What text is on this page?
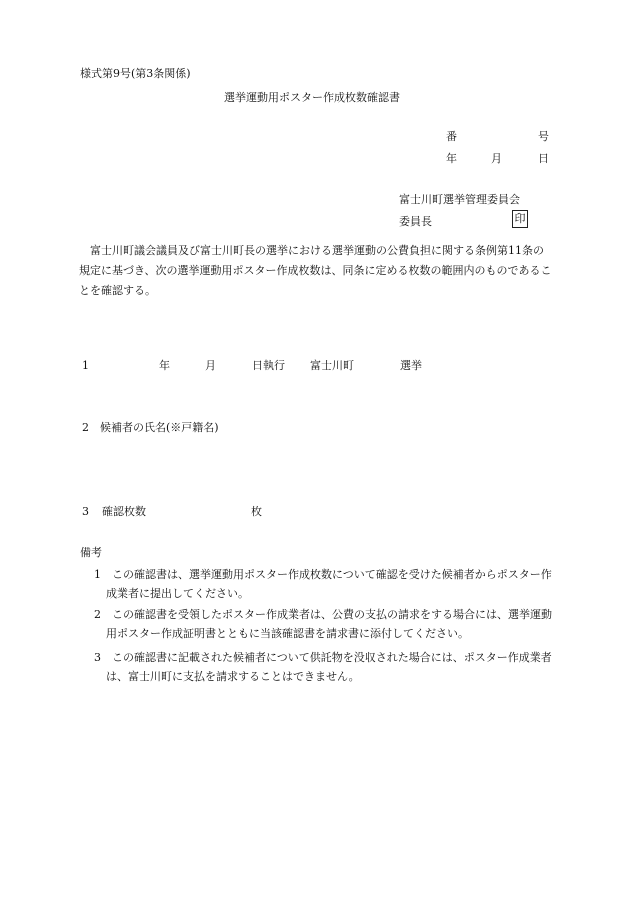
様式第9号(第3条関係)
選挙運動用ポスター作成枚数確認書
番	号
年	月	日
富士川町選挙管理委員会
委員長	印
富士川町議会議員及び富士川町長の選挙における選挙運動の公費負担に関する条例第11条の規定に基づき、次の選挙運動用ポスター作成枚数は、同条に定める枚数の範囲内のものであることを確認する。
1	年	月	日執行 富士川町	選挙
2　候補者の氏名(※戸籍名)
3 確認枚数	枚
備考
1　この確認書は、選挙運動用ポスター作成枚数について確認を受けた候補者からポスター作成業者に提出してください。
2　この確認書を受領したポスター作成業者は、公費の支払の請求をする場合には、選挙運動用ポスター作成証明書とともに当該確認書を請求書に添付してください。
3　この確認書に記載された候補者について供託物を没収された場合には、ポスター作成業者は、富士川町に支払を請求することはできません。
